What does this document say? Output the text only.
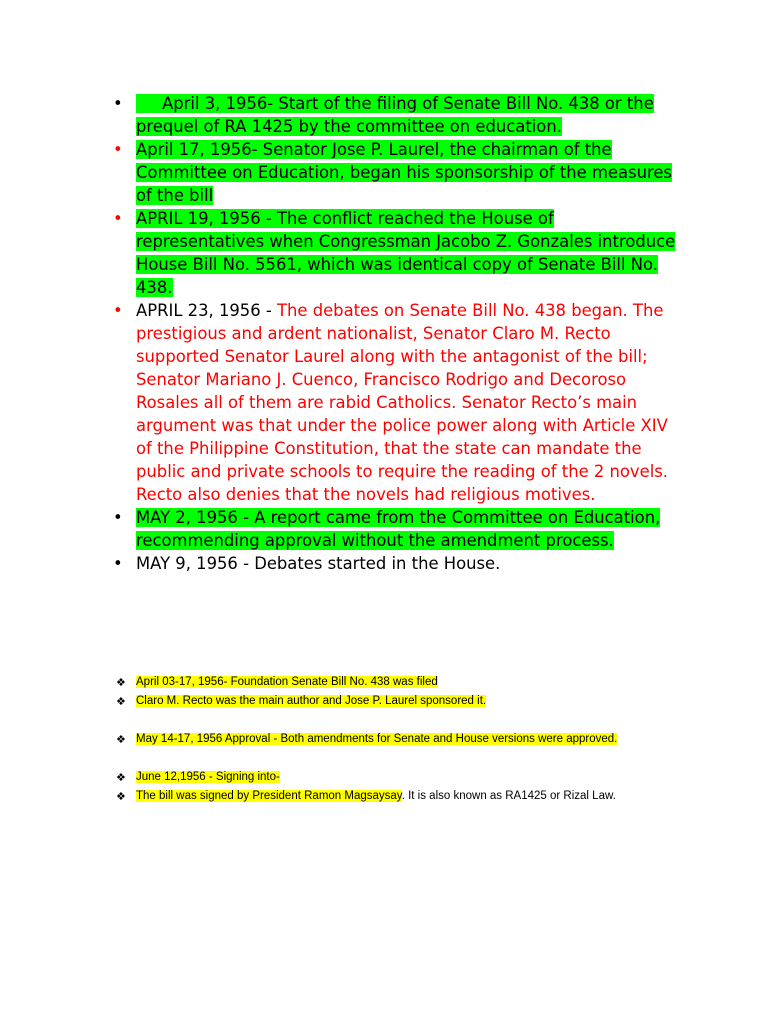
•	April 3, 1956- Start of the filing of Senate Bill No. 438 or the prequel of RA 1425 by the committee on education.
• April 17, 1956- Senator Jose P. Laurel, the chairman of the Committee on Education, began his sponsorship of the measures of the bill
• APRIL 19, 1956 - The conflict reached the House of representatives when Congressman Jacobo Z. Gonzales introduce House Bill No. 5561, which was identical copy of Senate Bill No. 438.
• APRIL 23, 1956 - The debates on Senate Bill No. 438 began. The prestigious and ardent nationalist, Senator Claro M. Recto supported Senator Laurel along with the antagonist of the bill; Senator Mariano J. Cuenco, Francisco Rodrigo and Decoroso Rosales all of them are rabid Catholics. Senator Recto’s main argument was that under the police power along with Article XIV of the Philippine Constitution, that the state can mandate the public and private schools to require the reading of the 2 novels. Recto also denies that the novels had religious motives.
• MAY 2, 1956 - A report came from the Committee on Education, recommending approval without the amendment process.
• MAY 9, 1956 - Debates started in the House.
❖ April 03-17, 1956- Foundation Senate Bill No. 438 was filed
❖ Claro M. Recto was the main author and Jose P. Laurel sponsored it.
❖ May 14-17, 1956 Approval - Both amendments for Senate and House versions were approved.
❖ June 12,1956 - Signing into-
❖ The bill was signed by President Ramon Magsaysay. It is also known as RA1425 or Rizal Law.
